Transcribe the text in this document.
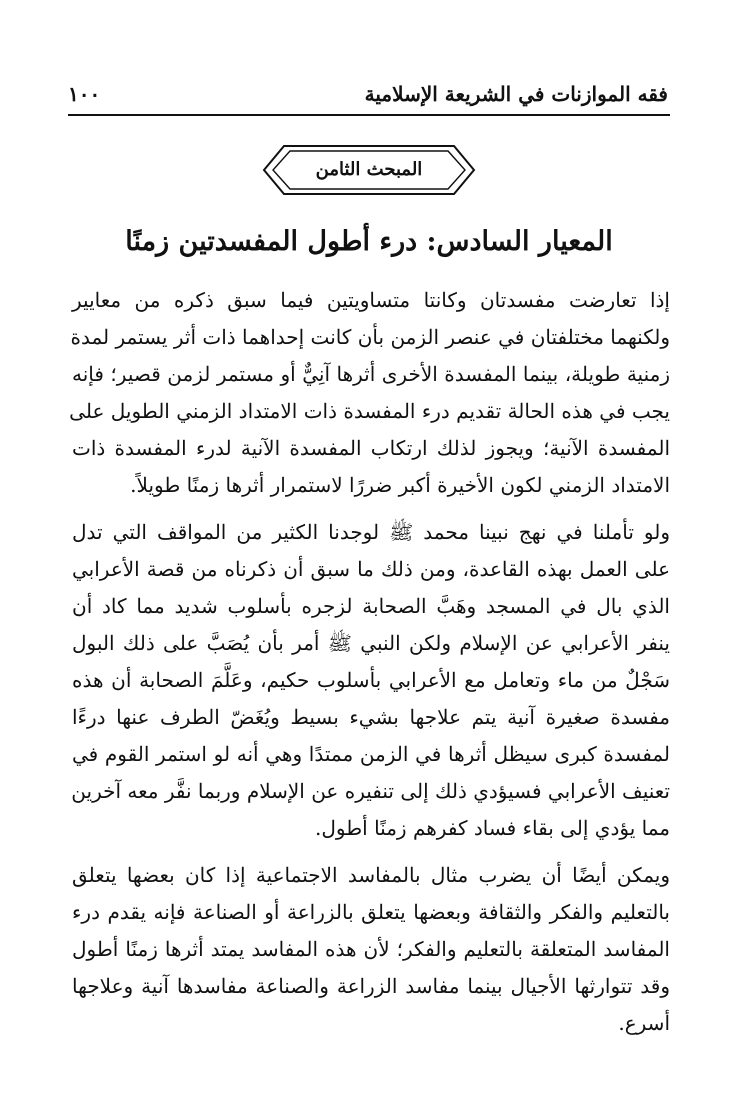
فقه الموازنات في الشريعة الإسلامية
١٠٠
المبحث الثامن
المعيار السادس: درء أطول المفسدتين زمنًا
إذا تعارضت مفسدتان وكانتا متساويتين فيما سبق ذكره من معايير
ولكنهما مختلفتان في عنصر الزمن بأن كانت إحداهما ذات أثر يستمر لمدة
زمنية طويلة، بينما المفسدة الأخرى أثرها آنِيٌّ أو مستمر لزمن قصير؛ فإنه
يجب في هذه الحالة تقديم درء المفسدة ذات الامتداد الزمني الطويل على
المفسدة الآنية؛ ويجوز لذلك ارتكاب المفسدة الآنية لدرء المفسدة ذات
الامتداد الزمني لكون الأخيرة أكبر ضررًا لاستمرار أثرها زمنًا طويلاً.
ولو تأملنا في نهج نبينا محمد ﷺ لوجدنا الكثير من المواقف التي تدل
على العمل بهذه القاعدة، ومن ذلك ما سبق أن ذكرناه من قصة الأعرابي
الذي بال في المسجد وهَبَّ الصحابة لزجره بأسلوب شديد مما كاد أن
ينفر الأعرابي عن الإسلام ولكن النبي ﷺ أمر بأن يُصَبَّ على ذلك البول
سَجْلٌ من ماء وتعامل مع الأعرابي بأسلوب حكيم، وعَلَّمَ الصحابة أن هذه
مفسدة صغيرة آنية يتم علاجها بشيء بسيط ويُغَضّ الطرف عنها درءًا
لمفسدة كبرى سيظل أثرها في الزمن ممتدًا وهي أنه لو استمر القوم في
تعنيف الأعرابي فسيؤدي ذلك إلى تنفيره عن الإسلام وربما نفَّر معه آخرين
مما يؤدي إلى بقاء فساد كفرهم زمنًا أطول.
ويمكن أيضًا أن يضرب مثال بالمفاسد الاجتماعية إذا كان بعضها يتعلق
بالتعليم والفكر والثقافة وبعضها يتعلق بالزراعة أو الصناعة فإنه يقدم درء
المفاسد المتعلقة بالتعليم والفكر؛ لأن هذه المفاسد يمتد أثرها زمنًا أطول
وقد تتوارثها الأجيال بينما مفاسد الزراعة والصناعة مفاسدها آنية وعلاجها
أسرع.
